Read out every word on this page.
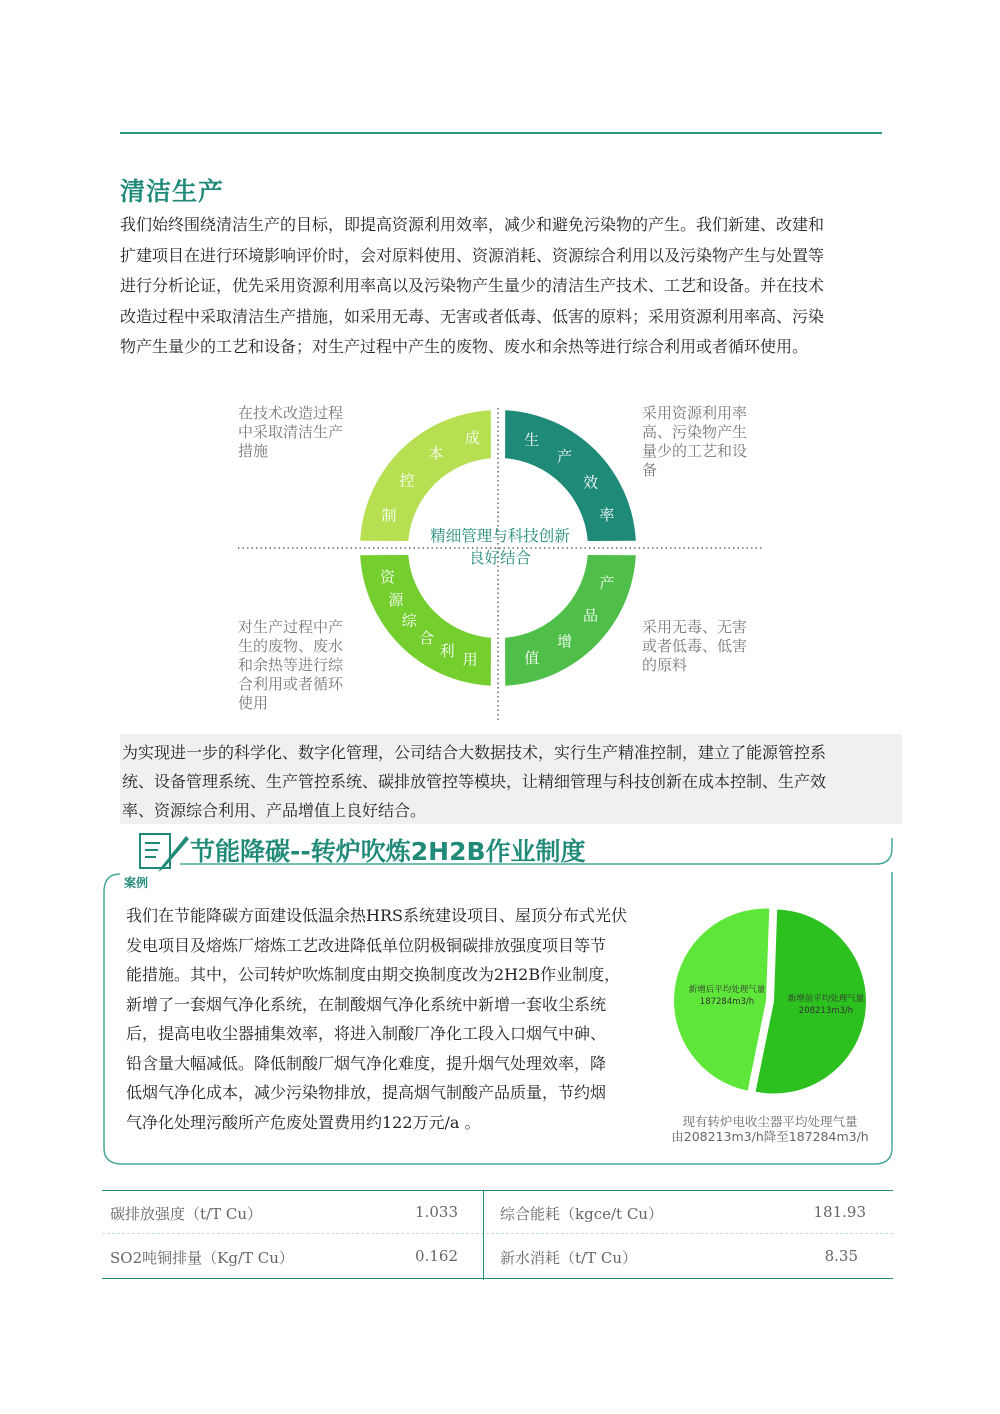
清洁生产

我们始终围绕清洁生产的目标，即提高资源利用效率，减少和避免污染物的产生。我们新建、改建和

扩建项目在进行环境影响评价时，会对原料使用、资源消耗、资源综合利用以及污染物产生与处置等

进行分析论证，优先采用资源利用率高以及污染物产生量少的清洁生产技术、工艺和设备。并在技术

改造过程中采取清洁生产措施，如采用无毒、无害或者低毒、低害的原料；采用资源利用率高、污染

物产生量少的工艺和设备；对生产过程中产生的废物、废水和余热等进行综合利用或者循环使用。

制
控
本
成	生
产
效
率
产
品
增
值
用
利
合
综
源
资
精细管理与科技创新
良好结合
在技术改造过程
中采取清洁生产
措施
采用资源利用率
高、污染物产生
量少的工艺和设
备
对生产过程中产
生的废物、废水
和余热等进行综
合利用或者循环
使用
采用无毒、无害
或者低毒、低害
的原料
为实现进一步的科学化、数字化管理，公司结合大数据技术，实行生产精准控制，建立了能源管控系
统、设备管理系统、生产管控系统、碳排放管控等模块，让精细管理与科技创新在成本控制、生产效
率、资源综合利用、产品增值上良好结合。
节能降碳--转炉吹炼2H2B作业制度
案例
我们在节能降碳方面建设低温余热HRS系统建设项目、屋顶分布式光伏
发电项目及熔炼厂熔炼工艺改进降低单位阴极铜碳排放强度项目等节
能措施。其中，公司转炉吹炼制度由期交换制度改为2H2B作业制度，
新增了一套烟气净化系统，在制酸烟气净化系统中新增一套收尘系统
后，提高电收尘器捕集效率，将进入制酸厂净化工段入口烟气中砷、
铅含量大幅减低。降低制酸厂烟气净化难度，提升烟气处理效率，降
低烟气净化成本，减少污染物排放，提高烟气制酸产品质量，节约烟
气净化处理污酸所产危废处置费用约122万元/a 。
新增后平均处理气量
187284m3/h	新增前平均处理气量
208213m3/h
现有转炉电收尘器平均处理气量
由208213m3/h降至187284m3/h
碳排放强度（t/T Cu）	1.033	综合能耗（kgce/t Cu）	181.93
SO2吨铜排量（Kg/T Cu）	0.162	新水消耗（t/T Cu）	8.35
